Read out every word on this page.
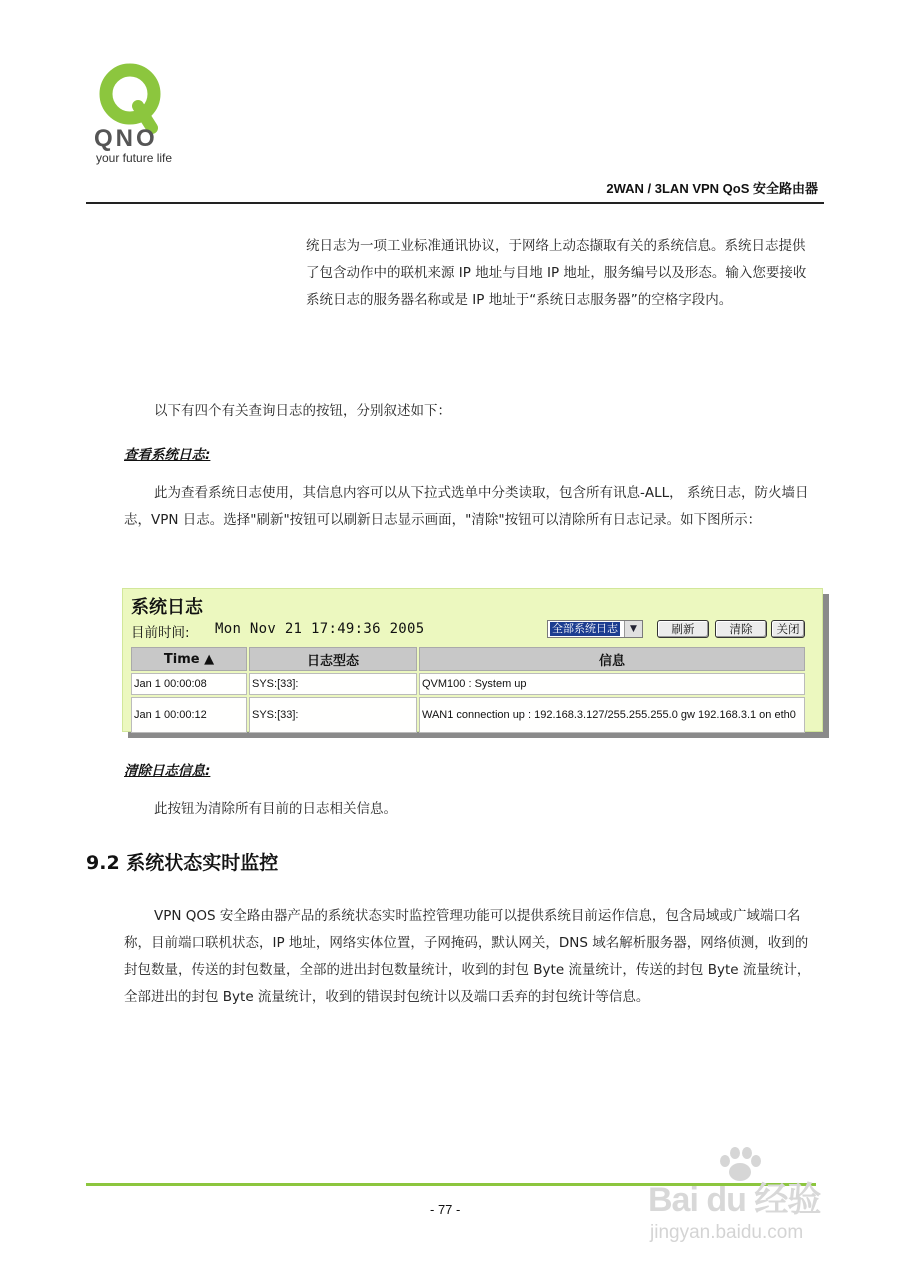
QNO
your future life
2WAN / 3LAN VPN QoS 安全路由器
统日志为一项工业标准通讯协议，于网络上动态撷取有关的系统信息。系统日志提供了包含动作中的联机来源 IP 地址与目地 IP 地址，服务编号以及形态。输入您要接收系统日志的服务器名称或是 IP 地址于“系统日志服务器”的空格字段内。
以下有四个有关查询日志的按钮，分别叙述如下：
查看系统日志:
此为查看系统日志使用，其信息内容可以从下拉式选单中分类读取，包含所有讯息-ALL， 系统日志，防火墙日志，VPN 日志。选择"刷新"按钮可以刷新日志显示画面，"清除"按钮可以清除所有日志记录。如下图所示：
系统日志
目前时间: Mon Nov 21 17:49:36 2005	全部系统日志	▼	刷新	清除	关闭
Time ▲	日志型态	信息
Jan 1 00:00:08	SYS:[33]:	QVM100 : System up
Jan 1 00:00:12	SYS:[33]:	WAN1 connection up : 192.168.3.127/255.255.255.0 gw 192.168.3.1 on eth0
清除日志信息:
此按钮为清除所有目前的日志相关信息。
9.2 系统状态实时监控
VPN QOS 安全路由器产品的系统状态实时监控管理功能可以提供系统目前运作信息，包含局域或广域端口名称，目前端口联机状态，IP 地址，网络实体位置，子网掩码，默认网关，DNS 域名解析服务器，网络侦测，收到的封包数量，传送的封包数量，全部的进出封包数量统计，收到的封包 Byte 流量统计，传送的封包 Byte 流量统计，全部进出的封包 Byte 流量统计，收到的错误封包统计以及端口丢弃的封包统计等信息。
- 77 -	Bai du 经验
jingyan.baidu.com
